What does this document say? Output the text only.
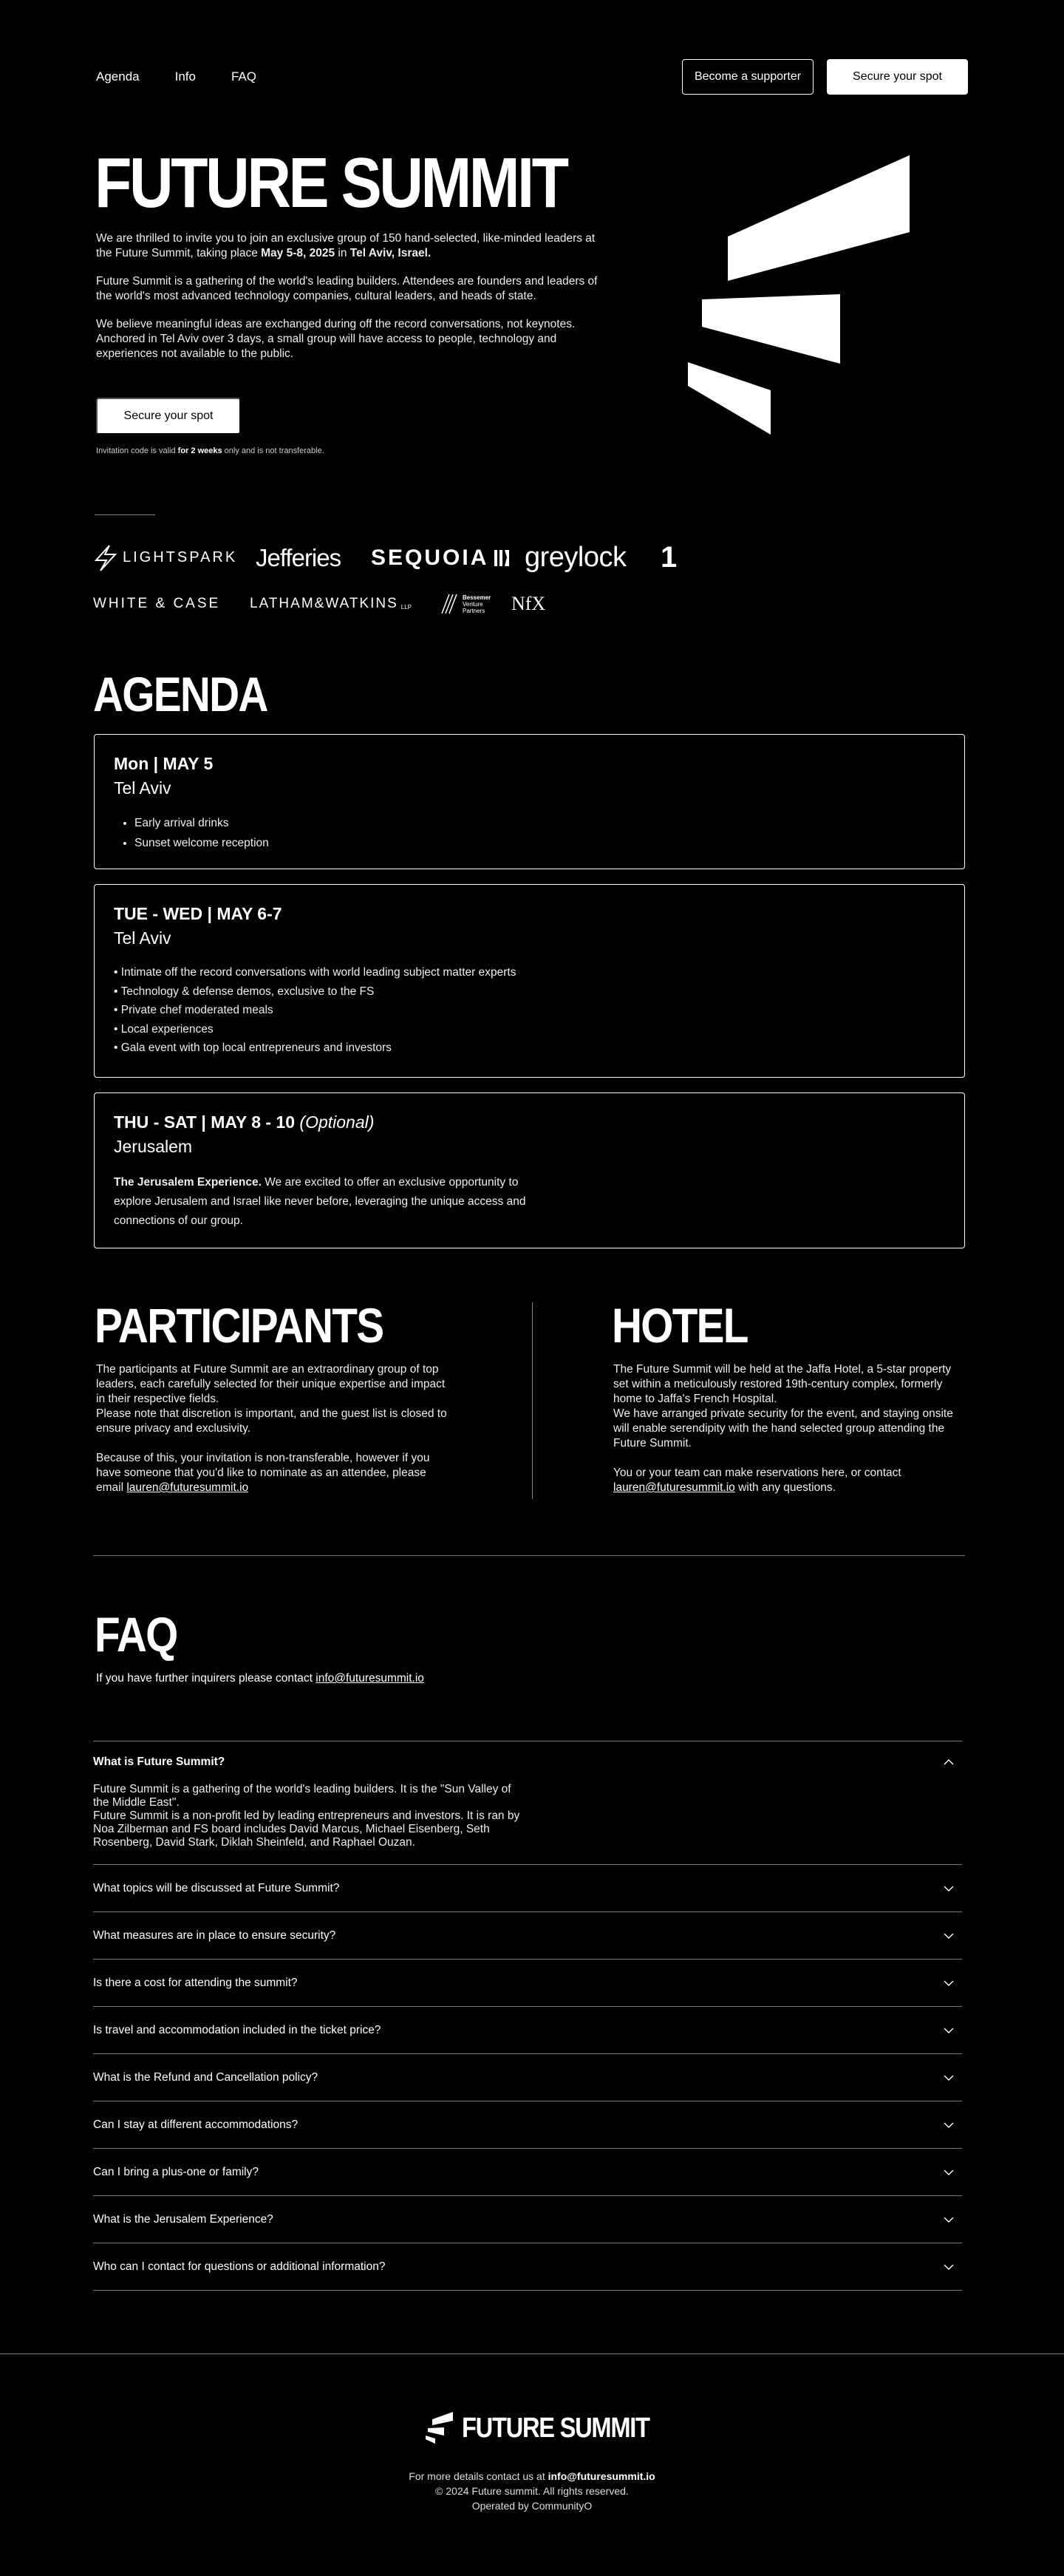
Agenda	Info	FAQ	Become a supporter	Secure your spot
FUTURE SUMMIT

We are thrilled to invite you to join an exclusive group of 150 hand-selected, like-minded leaders at the Future Summit, taking place May 5-8, 2025 in Tel Aviv, Israel.

Future Summit is a gathering of the world's leading builders. Attendees are founders and leaders of the world's most advanced technology companies, cultural leaders, and heads of state.

We believe meaningful ideas are exchanged during off the record conversations, not keynotes. Anchored in Tel Aviv over 3 days, a small group will have access to people, technology and experiences not available to the public.

Secure your spot
Invitation code is valid for 2 weeks only and is not transferable.
LIGHTSPARK Jefferies SEQUOIA greylock 1
WHITE & CASE LATHAM&WATKINS LLP
Bessemer
Venture
Partners	NfX
AGENDA
Mon | MAY 5
Tel Aviv
• Early arrival drinks
• Sunset welcome reception
TUE - WED | MAY 6-7
Tel Aviv
• Intimate off the record conversations with world leading subject matter experts
• Technology & defense demos, exclusive to the FS
• Private chef moderated meals
• Local experiences
• Gala event with top local entrepreneurs and investors
THU - SAT | MAY 8 - 10 (Optional)
Jerusalem

The Jerusalem Experience. We are excited to offer an exclusive opportunity to explore Jerusalem and Israel like never before, leveraging the unique access and connections of our group.

PARTICIPANTS

The participants at Future Summit are an extraordinary group of top leaders, each carefully selected for their unique expertise and impact in their respective fields.

Please note that discretion is important, and the guest list is closed to ensure privacy and exclusivity.

Because of this, your invitation is non-transferable, however if you have someone that you'd like to nominate as an attendee, please email lauren@futuresummit.io

HOTEL

The Future Summit will be held at the Jaffa Hotel, a 5-star property set within a meticulously restored 19th-century complex, formerly home to Jaffa's French Hospital.

We have arranged private security for the event, and staying onsite will enable serendipity with the hand selected group attending the Future Summit.

You or your team can make reservations here, or contact lauren@futuresummit.io with any questions.

FAQ
If you have further inquirers please contact info@futuresummit.io
What is Future Summit?
Future Summit is a gathering of the world's leading builders. It is the "Sun Valley of the Middle East".
Future Summit is a non-profit led by leading entrepreneurs and investors. It is ran by Noa Zilberman and FS board includes David Marcus, Michael Eisenberg, Seth Rosenberg, David Stark, Diklah Sheinfeld, and Raphael Ouzan.
What topics will be discussed at Future Summit?
What measures are in place to ensure security?
Is there a cost for attending the summit?
Is travel and accommodation included in the ticket price?
What is the Refund and Cancellation policy?
Can I stay at different accommodations?
Can I bring a plus-one or family?
What is the Jerusalem Experience?
Who can I contact for questions or additional information?
FUTURE SUMMIT
For more details contact us at info@futuresummit.io
© 2024 Future summit. All rights reserved.
Operated by CommunityO
